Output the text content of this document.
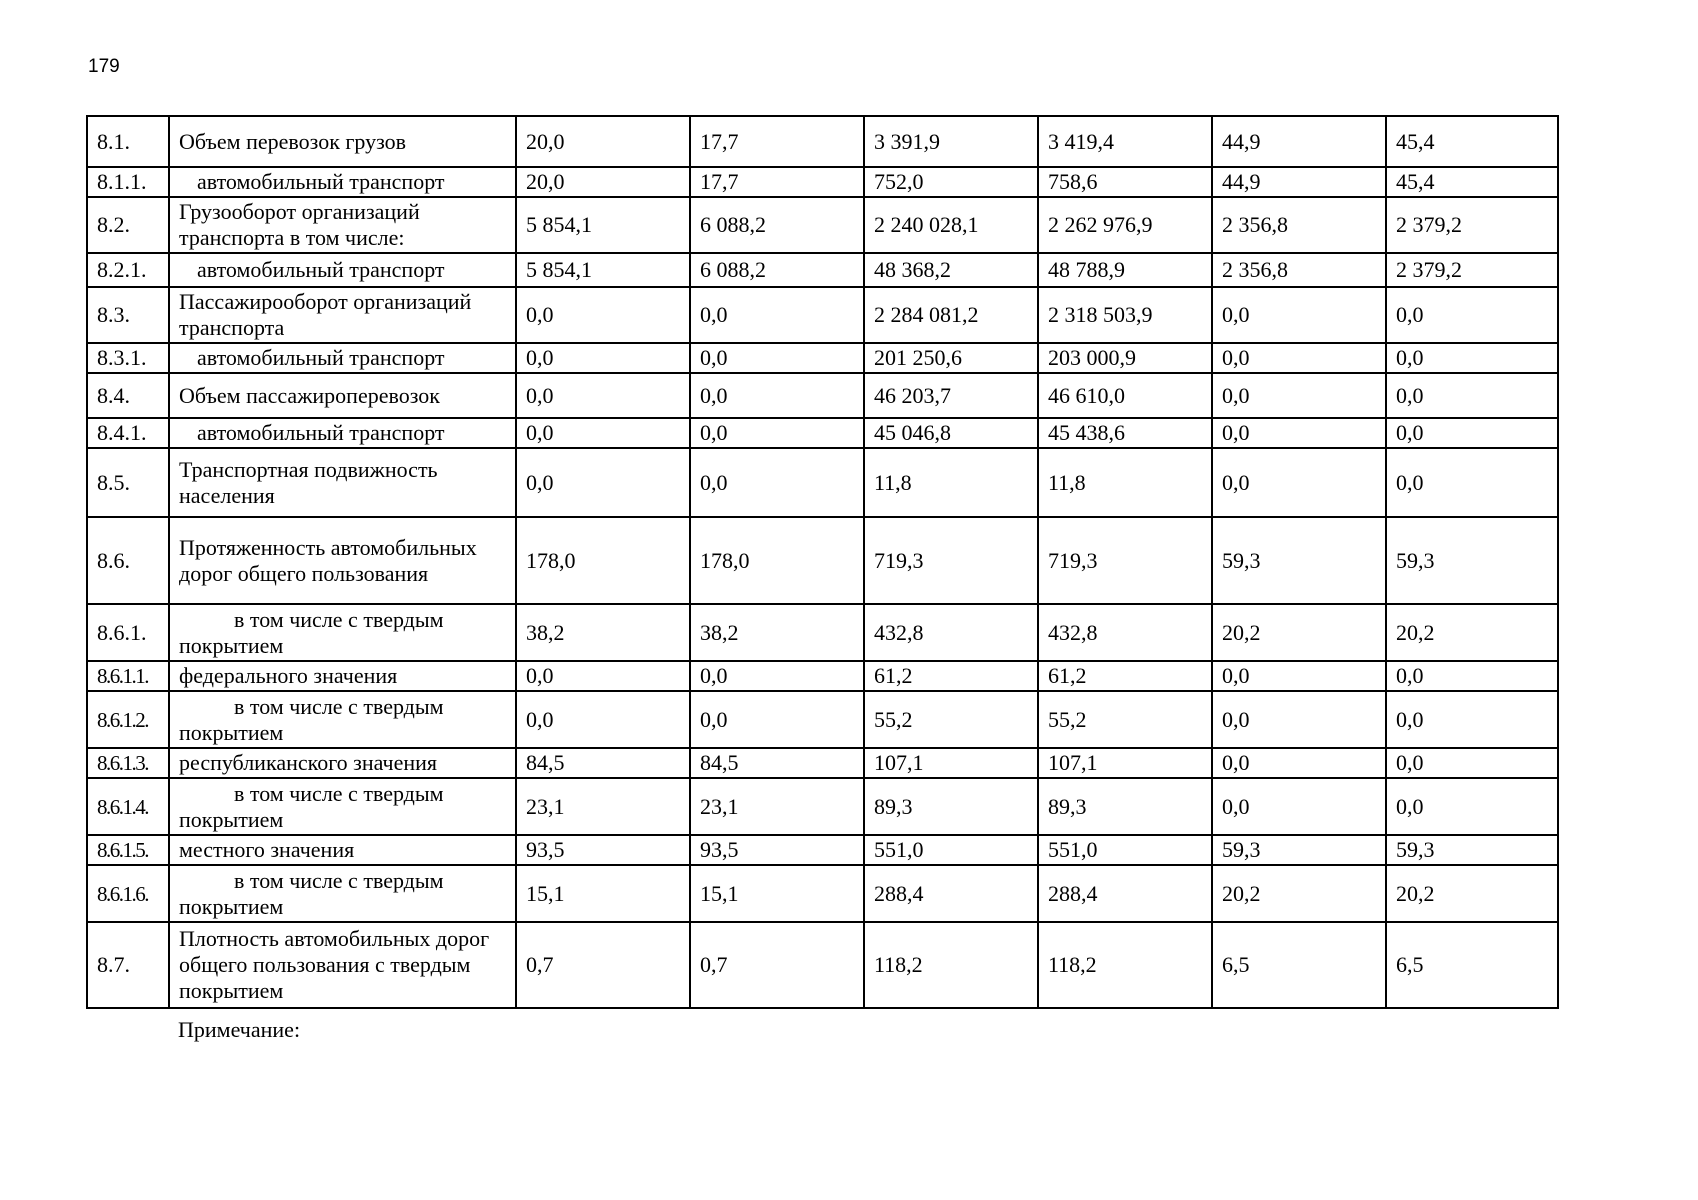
179
8.1.	Объем перевозок грузов	20,0	17,7	3 391,9	3 419,4	44,9	45,4
8.1.1.	автомобильный транспорт	20,0	17,7	752,0	758,6	44,9	45,4
8.2.	Грузооборот организаций транспорта в том числе:	5 854,1	6 088,2	2 240 028,1	2 262 976,9	2 356,8	2 379,2
8.2.1.	автомобильный транспорт	5 854,1	6 088,2	48 368,2	48 788,9	2 356,8	2 379,2
8.3.	Пассажирооборот организаций транспорта	0,0	0,0	2 284 081,2	2 318 503,9	0,0	0,0
8.3.1.	автомобильный транспорт	0,0	0,0	201 250,6	203 000,9	0,0	0,0
8.4.	Объем пассажироперевозок	0,0	0,0	46 203,7	46 610,0	0,0	0,0
8.4.1.	автомобильный транспорт	0,0	0,0	45 046,8	45 438,6	0,0	0,0
8.5.	Транспортная подвижность населения	0,0	0,0	11,8	11,8	0,0	0,0
8.6.	Протяженность автомобильных дорог общего пользования	178,0	178,0	719,3	719,3	59,3	59,3
8.6.1.	в том числе с твердым покрытием	38,2	38,2	432,8	432,8	20,2	20,2
8.6.1.1.	федерального значения	0,0	0,0	61,2	61,2	0,0	0,0
8.6.1.2.	в том числе с твердым покрытием	0,0	0,0	55,2	55,2	0,0	0,0
8.6.1.3.	республиканского значения	84,5	84,5	107,1	107,1	0,0	0,0
8.6.1.4.	в том числе с твердым покрытием	23,1	23,1	89,3	89,3	0,0	0,0
8.6.1.5.	местного значения	93,5	93,5	551,0	551,0	59,3	59,3
8.6.1.6.	в том числе с твердым покрытием	15,1	15,1	288,4	288,4	20,2	20,2
8.7.	Плотность автомобильных дорог общего пользования с твердым покрытием	0,7	0,7	118,2	118,2	6,5	6,5
Примечание:
